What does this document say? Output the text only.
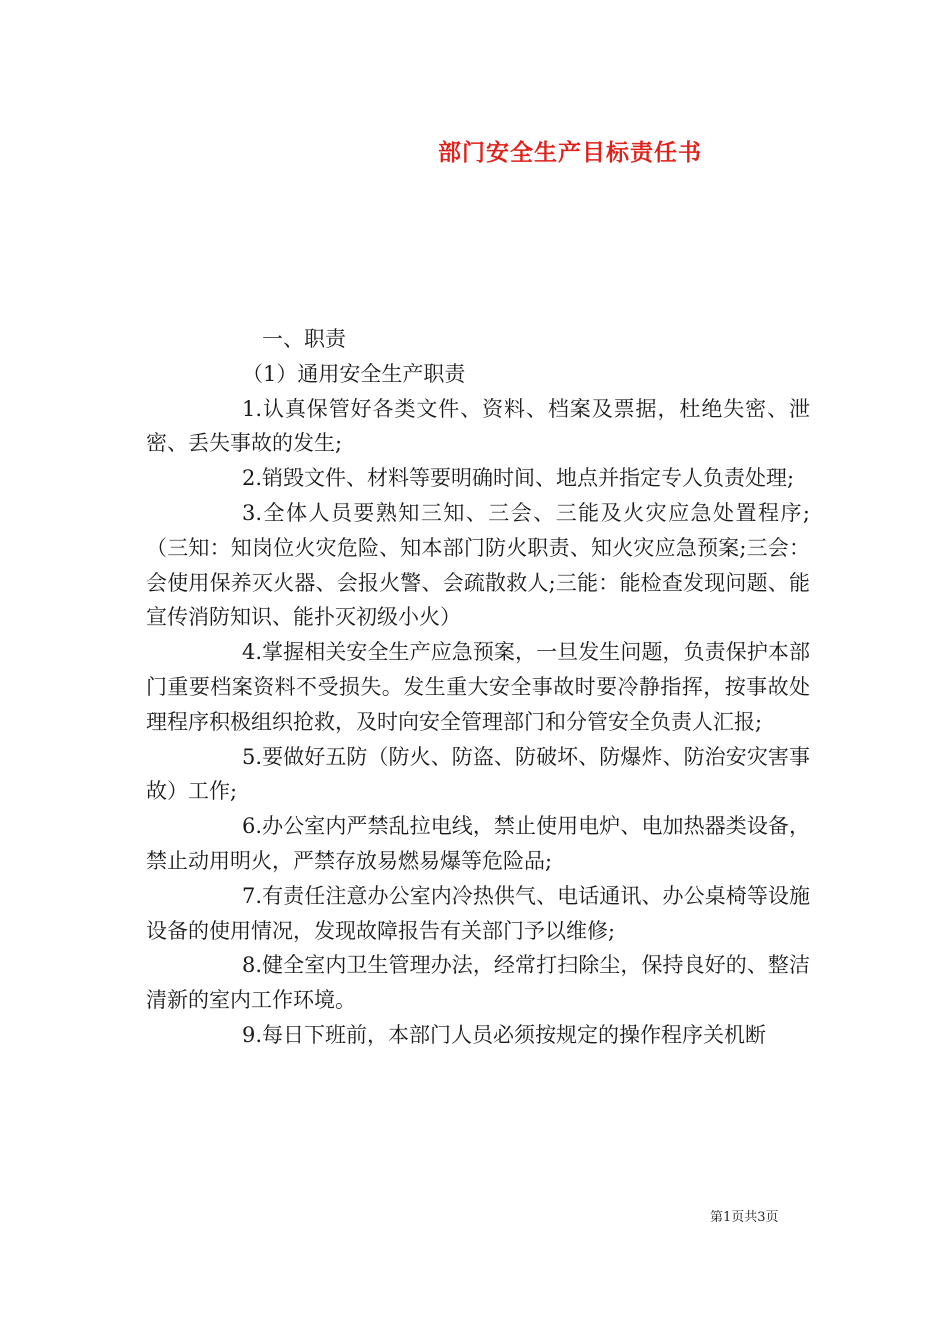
部门安全生产目标责任书

一、职责

（1）通用安全生产职责

1.认真保管好各类文件、资料、档案及票据，杜绝失密、泄密、丢失事故的发生;

2.销毁文件、材料等要明确时间、地点并指定专人负责处理;

3.全体人员要熟知三知、三会、三能及火灾应急处置程序;（三知：知岗位火灾危险、知本部门防火职责、知火灾应急预案;三会：会使用保养灭火器、会报火警、会疏散救人;三能：能检查发现问题、能宣传消防知识、能扑灭初级小火）

4.掌握相关安全生产应急预案，一旦发生问题，负责保护本部门重要档案资料不受损失。发生重大安全事故时要冷静指挥，按事故处理程序积极组织抢救，及时向安全管理部门和分管安全负责人汇报;

5.要做好五防（防火、防盗、防破坏、防爆炸、防治安灾害事故）工作;

6.办公室内严禁乱拉电线，禁止使用电炉、电加热器类设备，禁止动用明火，严禁存放易燃易爆等危险品;

7.有责任注意办公室内冷热供气、电话通讯、办公桌椅等设施设备的使用情况，发现故障报告有关部门予以维修;

8.健全室内卫生管理办法，经常打扫除尘，保持良好的、整洁清新的室内工作环境。

9.每日下班前，本部门人员必须按规定的操作程序关机断

第1页共3页
